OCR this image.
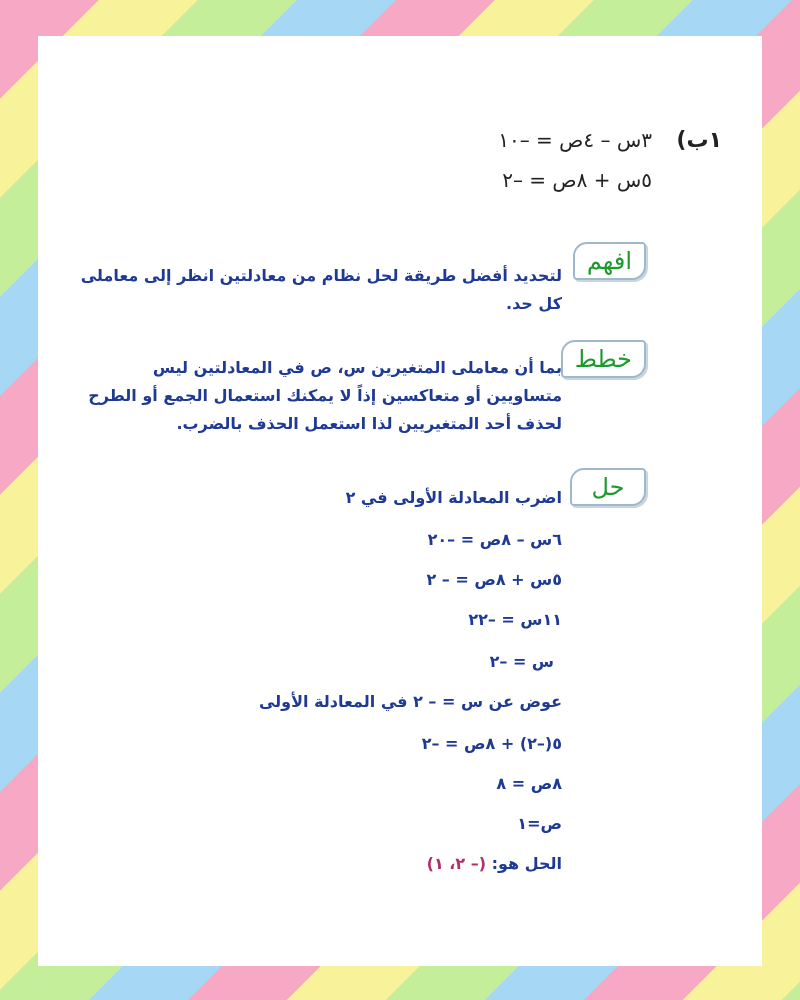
١ب)
٣س – ٤ص = –١٠
٥س + ٨ص = –٢
افهم
لتحديد أفضل طريقة لحل نظام من معادلتين انظر إلى معاملى كل حد.
خطط
بما أن معاملى المتغيرين س، ص في المعادلتين ليس متساويين أو متعاكسين إذاً لا يمكنك استعمال الجمع أو الطرح لحذف أحد المتغيريين لذا استعمل الحذف بالضرب.
حل
اضرب المعادلة الأولى في ٢
٦س – ٨ص = –٢٠
٥س + ٨ص = – ٢
١١س = –٢٢
س = –٢
عوض عن س = – ٢ في المعادلة الأولى
٥(–٢) + ٨ص = –٢
٨ص = ٨
ص=١
الحل هو: (– ٢، ١)
